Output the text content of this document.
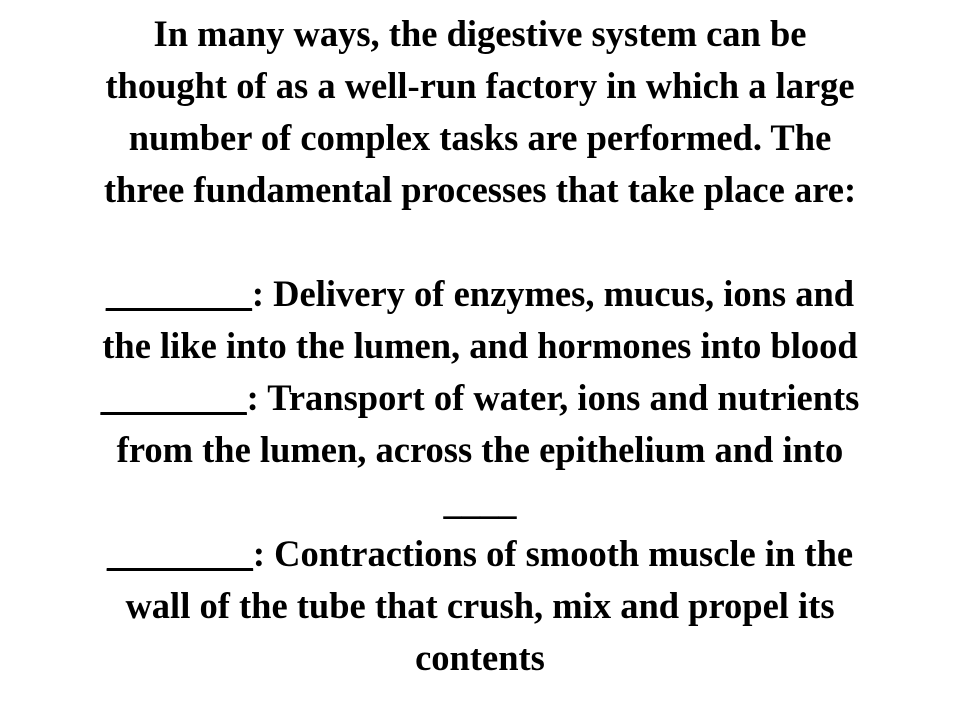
In many ways, the digestive system can be
thought of as a well-run factory in which a large
number of complex tasks are performed. The
three fundamental processes that take place are:
________: Delivery of enzymes, mucus, ions and
the like into the lumen, and hormones into blood
________: Transport of water, ions and nutrients
from the lumen, across the epithelium and into
____
________: Contractions of smooth muscle in the
wall of the tube that crush, mix and propel its
contents
